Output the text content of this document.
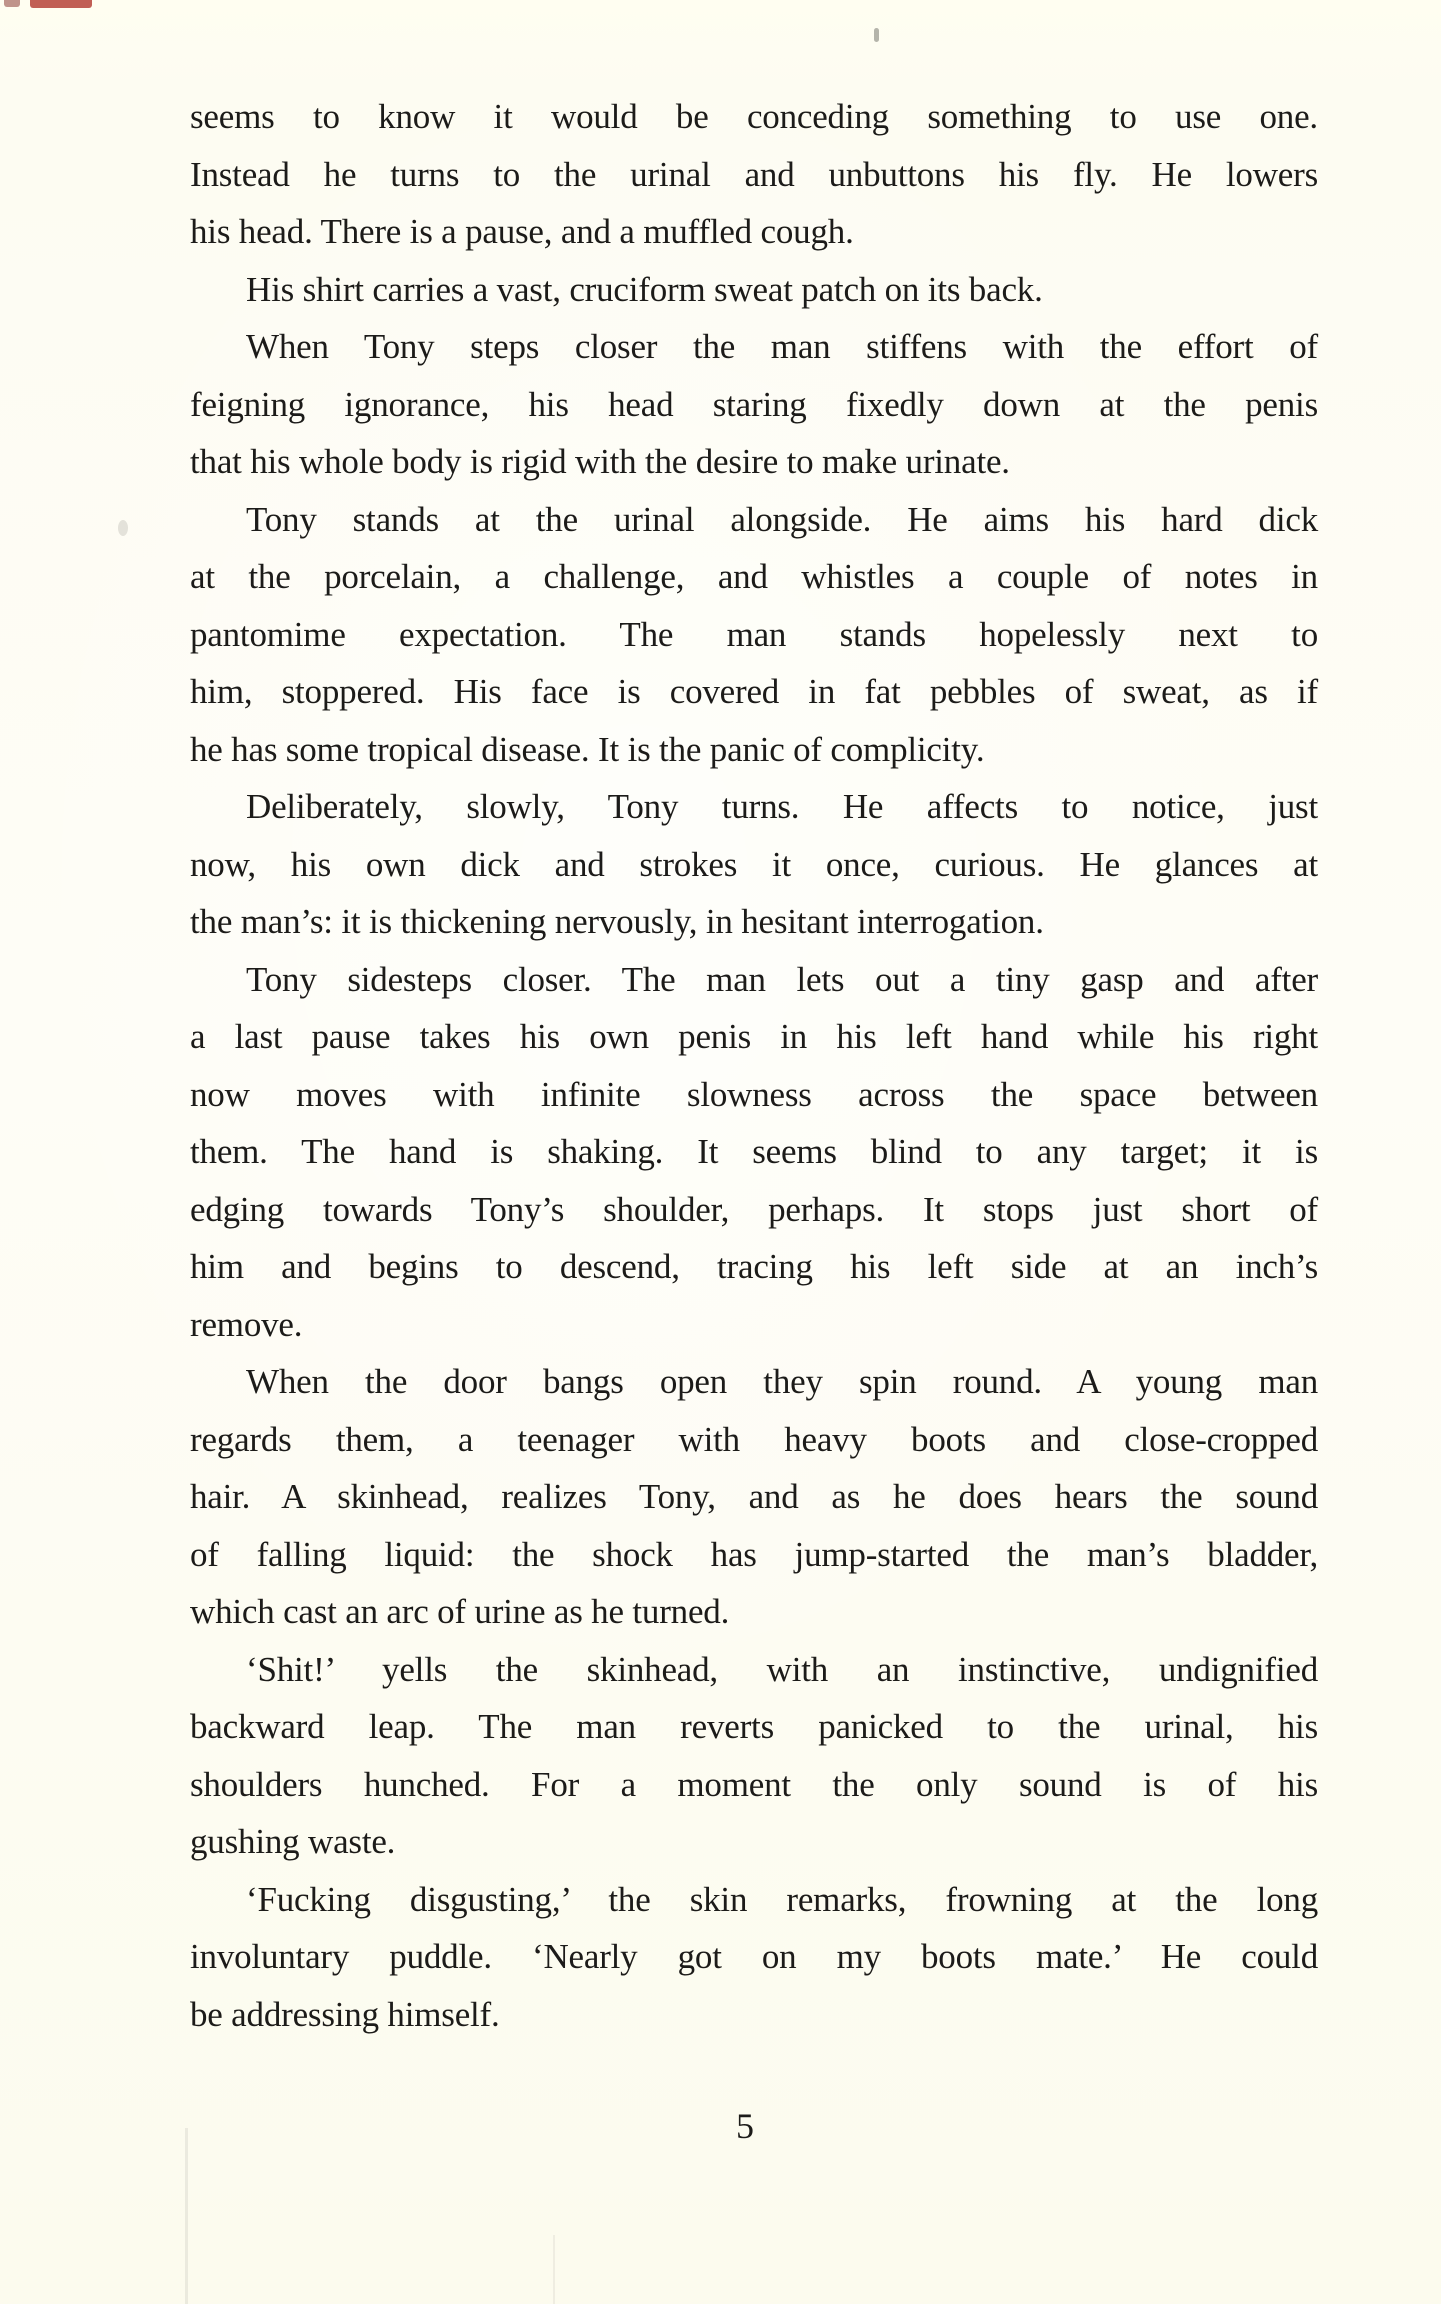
seems to know it would be conceding something to use one.
Instead he turns to the urinal and unbuttons his fly. He lowers
his head. There is a pause, and a muffled cough.
His shirt carries a vast, cruciform sweat patch on its back.
When Tony steps closer the man stiffens with the effort of
feigning ignorance, his head staring fixedly down at the penis
that his whole body is rigid with the desire to make urinate.
Tony stands at the urinal alongside. He aims his hard dick
at the porcelain, a challenge, and whistles a couple of notes in
pantomime expectation. The man stands hopelessly next to
him, stoppered. His face is covered in fat pebbles of sweat, as if
he has some tropical disease. It is the panic of complicity.
Deliberately, slowly, Tony turns. He affects to notice, just
now, his own dick and strokes it once, curious. He glances at
the man’s: it is thickening nervously, in hesitant interrogation.
Tony sidesteps closer. The man lets out a tiny gasp and after
a last pause takes his own penis in his left hand while his right
now moves with infinite slowness across the space between
them. The hand is shaking. It seems blind to any target; it is
edging towards Tony’s shoulder, perhaps. It stops just short of
him and begins to descend, tracing his left side at an inch’s
remove.
When the door bangs open they spin round. A young man
regards them, a teenager with heavy boots and close-cropped
hair. A skinhead, realizes Tony, and as he does hears the sound
of falling liquid: the shock has jump-started the man’s bladder,
which cast an arc of urine as he turned.
‘Shit!’ yells the skinhead, with an instinctive, undignified
backward leap. The man reverts panicked to the urinal, his
shoulders hunched. For a moment the only sound is of his
gushing waste.
‘Fucking disgusting,’ the skin remarks, frowning at the long
involuntary puddle. ‘Nearly got on my boots mate.’ He could
be addressing himself.
5
